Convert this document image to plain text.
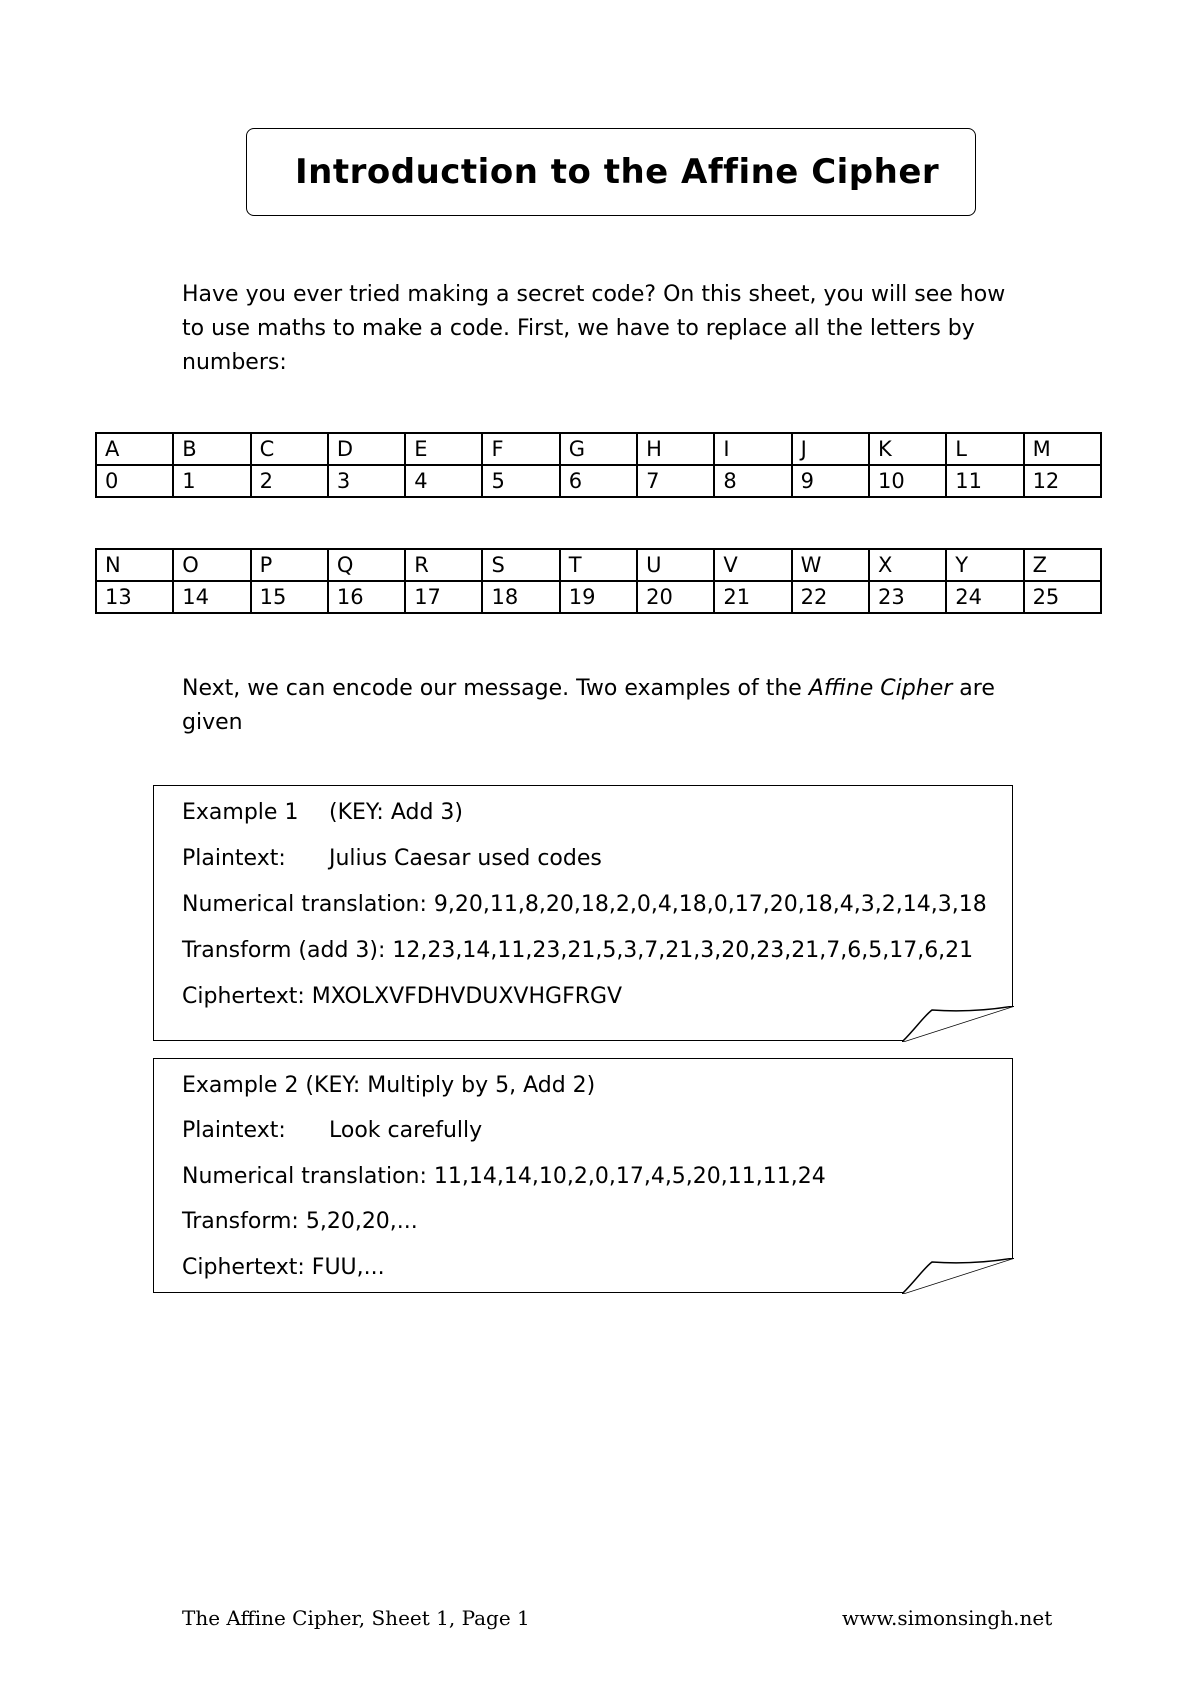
Introduction to the Affine Cipher

Have you ever tried making a secret code? On this sheet, you will see how

to use maths to make a code. First, we have to replace all the letters by

numbers:

A	B	C	D	E	F	G	H	I	J	K	L	M
0	1	2	3	4	5	6	7	8	9	10	11	12
N	O	P	Q	R	S	T	U	V	W	X	Y	Z
13	14	15	16	17	18	19	20	21	22	23	24	25

Next, we can encode our message. Two examples of the Affine Cipher are

given

Example 1 (KEY: Add 3)
Plaintext: Julius Caesar used codes
Numerical translation: 9,20,11,8,20,18,2,0,4,18,0,17,20,18,4,3,2,14,3,18
Transform (add 3): 12,23,14,11,23,21,5,3,7,21,3,20,23,21,7,6,5,17,6,21
Ciphertext: MXOLXVFDHVDUXVHGFRGV
Example 2 (KEY: Multiply by 5, Add 2)
Plaintext: Look carefully
Numerical translation: 11,14,14,10,2,0,17,4,5,20,11,11,24
Transform: 5,20,20,...
Ciphertext: FUU,...
The Affine Cipher, Sheet 1, Page 1	www.simonsingh.net
